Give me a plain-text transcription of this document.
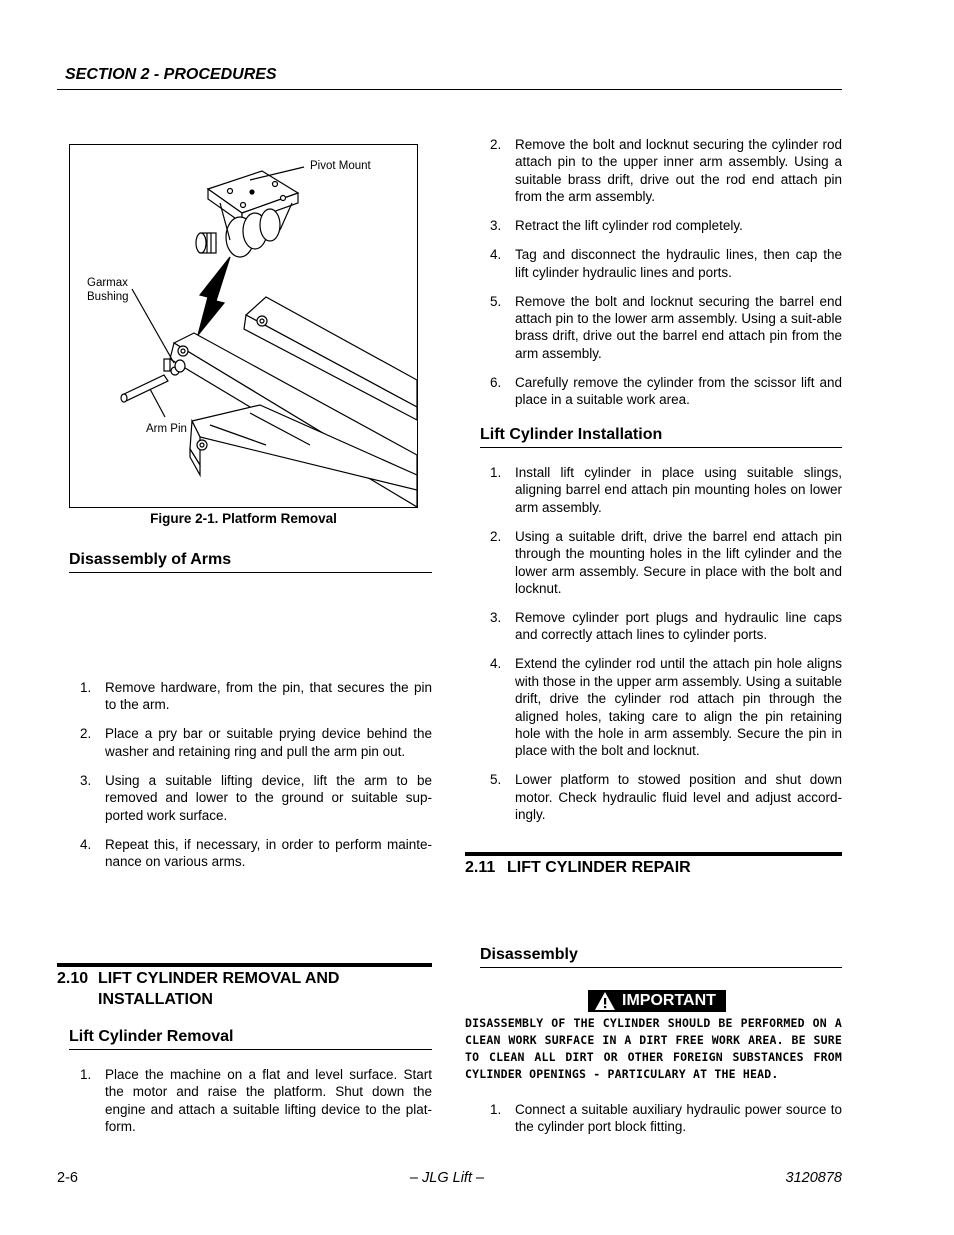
SECTION 2 - PROCEDURES
Pivot Mount
Garmax
Bushing
Arm Pin
Figure 2-1. Platform Removal
Disassembly of Arms
1. Remove hardware, from the pin, that secures the pin to the arm.
2. Place a pry bar or suitable prying device behind the washer and retaining ring and pull the arm pin out.
3. Using a suitable lifting device, lift the arm to be removed and lower to the ground or suitable sup-ported work surface.
4. Repeat this, if necessary, in order to perform mainte-nance on various arms.
2.10 LIFT CYLINDER REMOVAL AND
INSTALLATION
Lift Cylinder Removal
1. Place the machine on a flat and level surface. Start the motor and raise the platform. Shut down the engine and attach a suitable lifting device to the plat-form.
2. Remove the bolt and locknut securing the cylinder rod attach pin to the upper inner arm assembly. Using a suitable brass drift, drive out the rod end attach pin from the arm assembly.
3. Retract the lift cylinder rod completely.
4. Tag and disconnect the hydraulic lines, then cap the lift cylinder hydraulic lines and ports.
5. Remove the bolt and locknut securing the barrel end attach pin to the lower arm assembly. Using a suit-able brass drift, drive out the barrel end attach pin from the arm assembly.
6. Carefully remove the cylinder from the scissor lift and place in a suitable work area.
Lift Cylinder Installation
1. Install lift cylinder in place using suitable slings, aligning barrel end attach pin mounting holes on lower arm assembly.
2. Using a suitable drift, drive the barrel end attach pin through the mounting holes in the lift cylinder and the lower arm assembly. Secure in place with the bolt and locknut.
3. Remove cylinder port plugs and hydraulic line caps and correctly attach lines to cylinder ports.
4. Extend the cylinder rod until the attach pin hole aligns with those in the upper arm assembly. Using a suitable drift, drive the cylinder rod attach pin through the aligned holes, taking care to align the pin retaining hole with the hole in arm assembly. Secure the pin in place with the bolt and locknut.
5. Lower platform to stowed position and shut down motor. Check hydraulic fluid level and adjust accord-ingly.
2.11 LIFT CYLINDER REPAIR
Disassembly
IMPORTANT
DISASSEMBLY OF THE CYLINDER SHOULD BE PERFORMED ON A CLEAN WORK SURFACE IN A DIRT FREE WORK AREA. BE SURE TO CLEAN ALL DIRT OR OTHER FOREIGN SUBSTANCES FROM CYLINDER OPENINGS - PARTICULARY AT THE HEAD.
1. Connect a suitable auxiliary hydraulic power source to the cylinder port block fitting.
2-6	– JLG Lift –	3120878
